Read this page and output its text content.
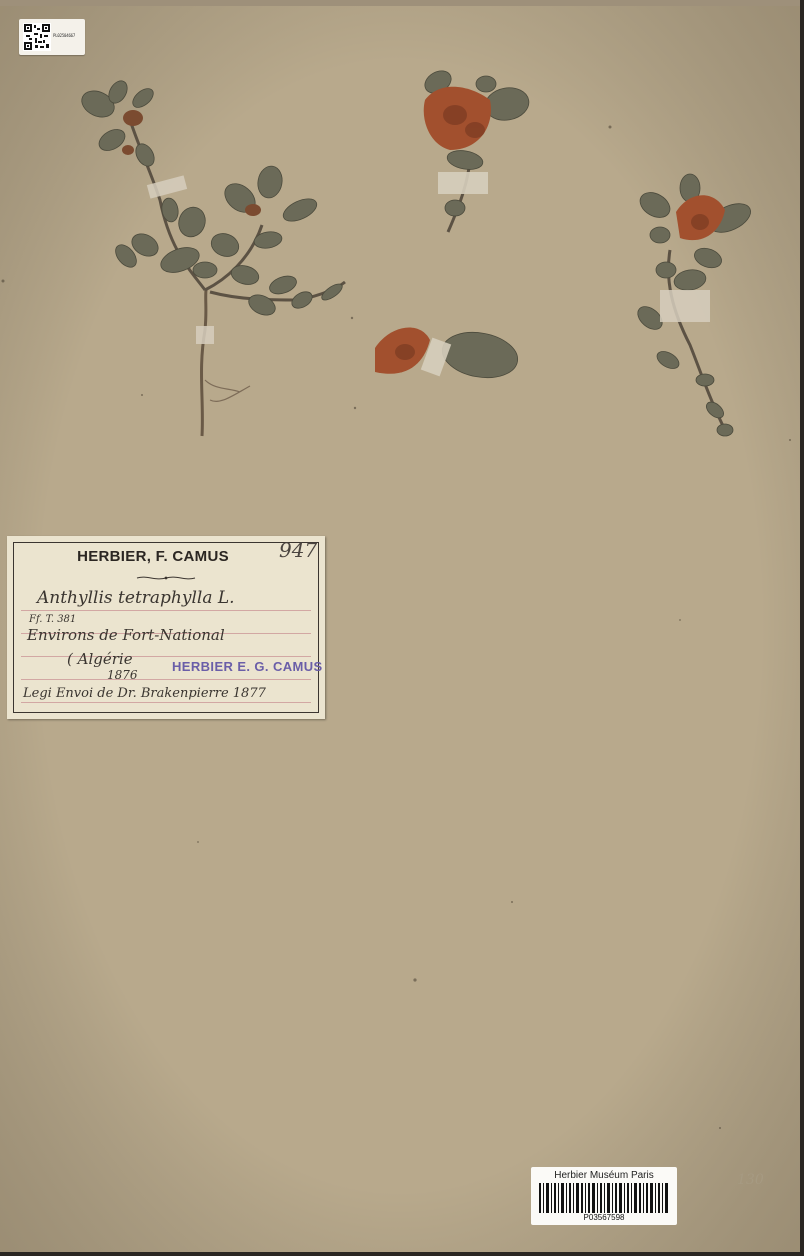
PL02504667
HERBIER, F. CAMUS	947
Anthyllis tetraphylla L.
Ff. T. 381
Environs de Fort-National
( Algérie
1876
HERBIER E. G. CAMUS
Legi Envoi de Dr. Brakenpierre 1877
130
Herbier Muséum Paris
P03567598
